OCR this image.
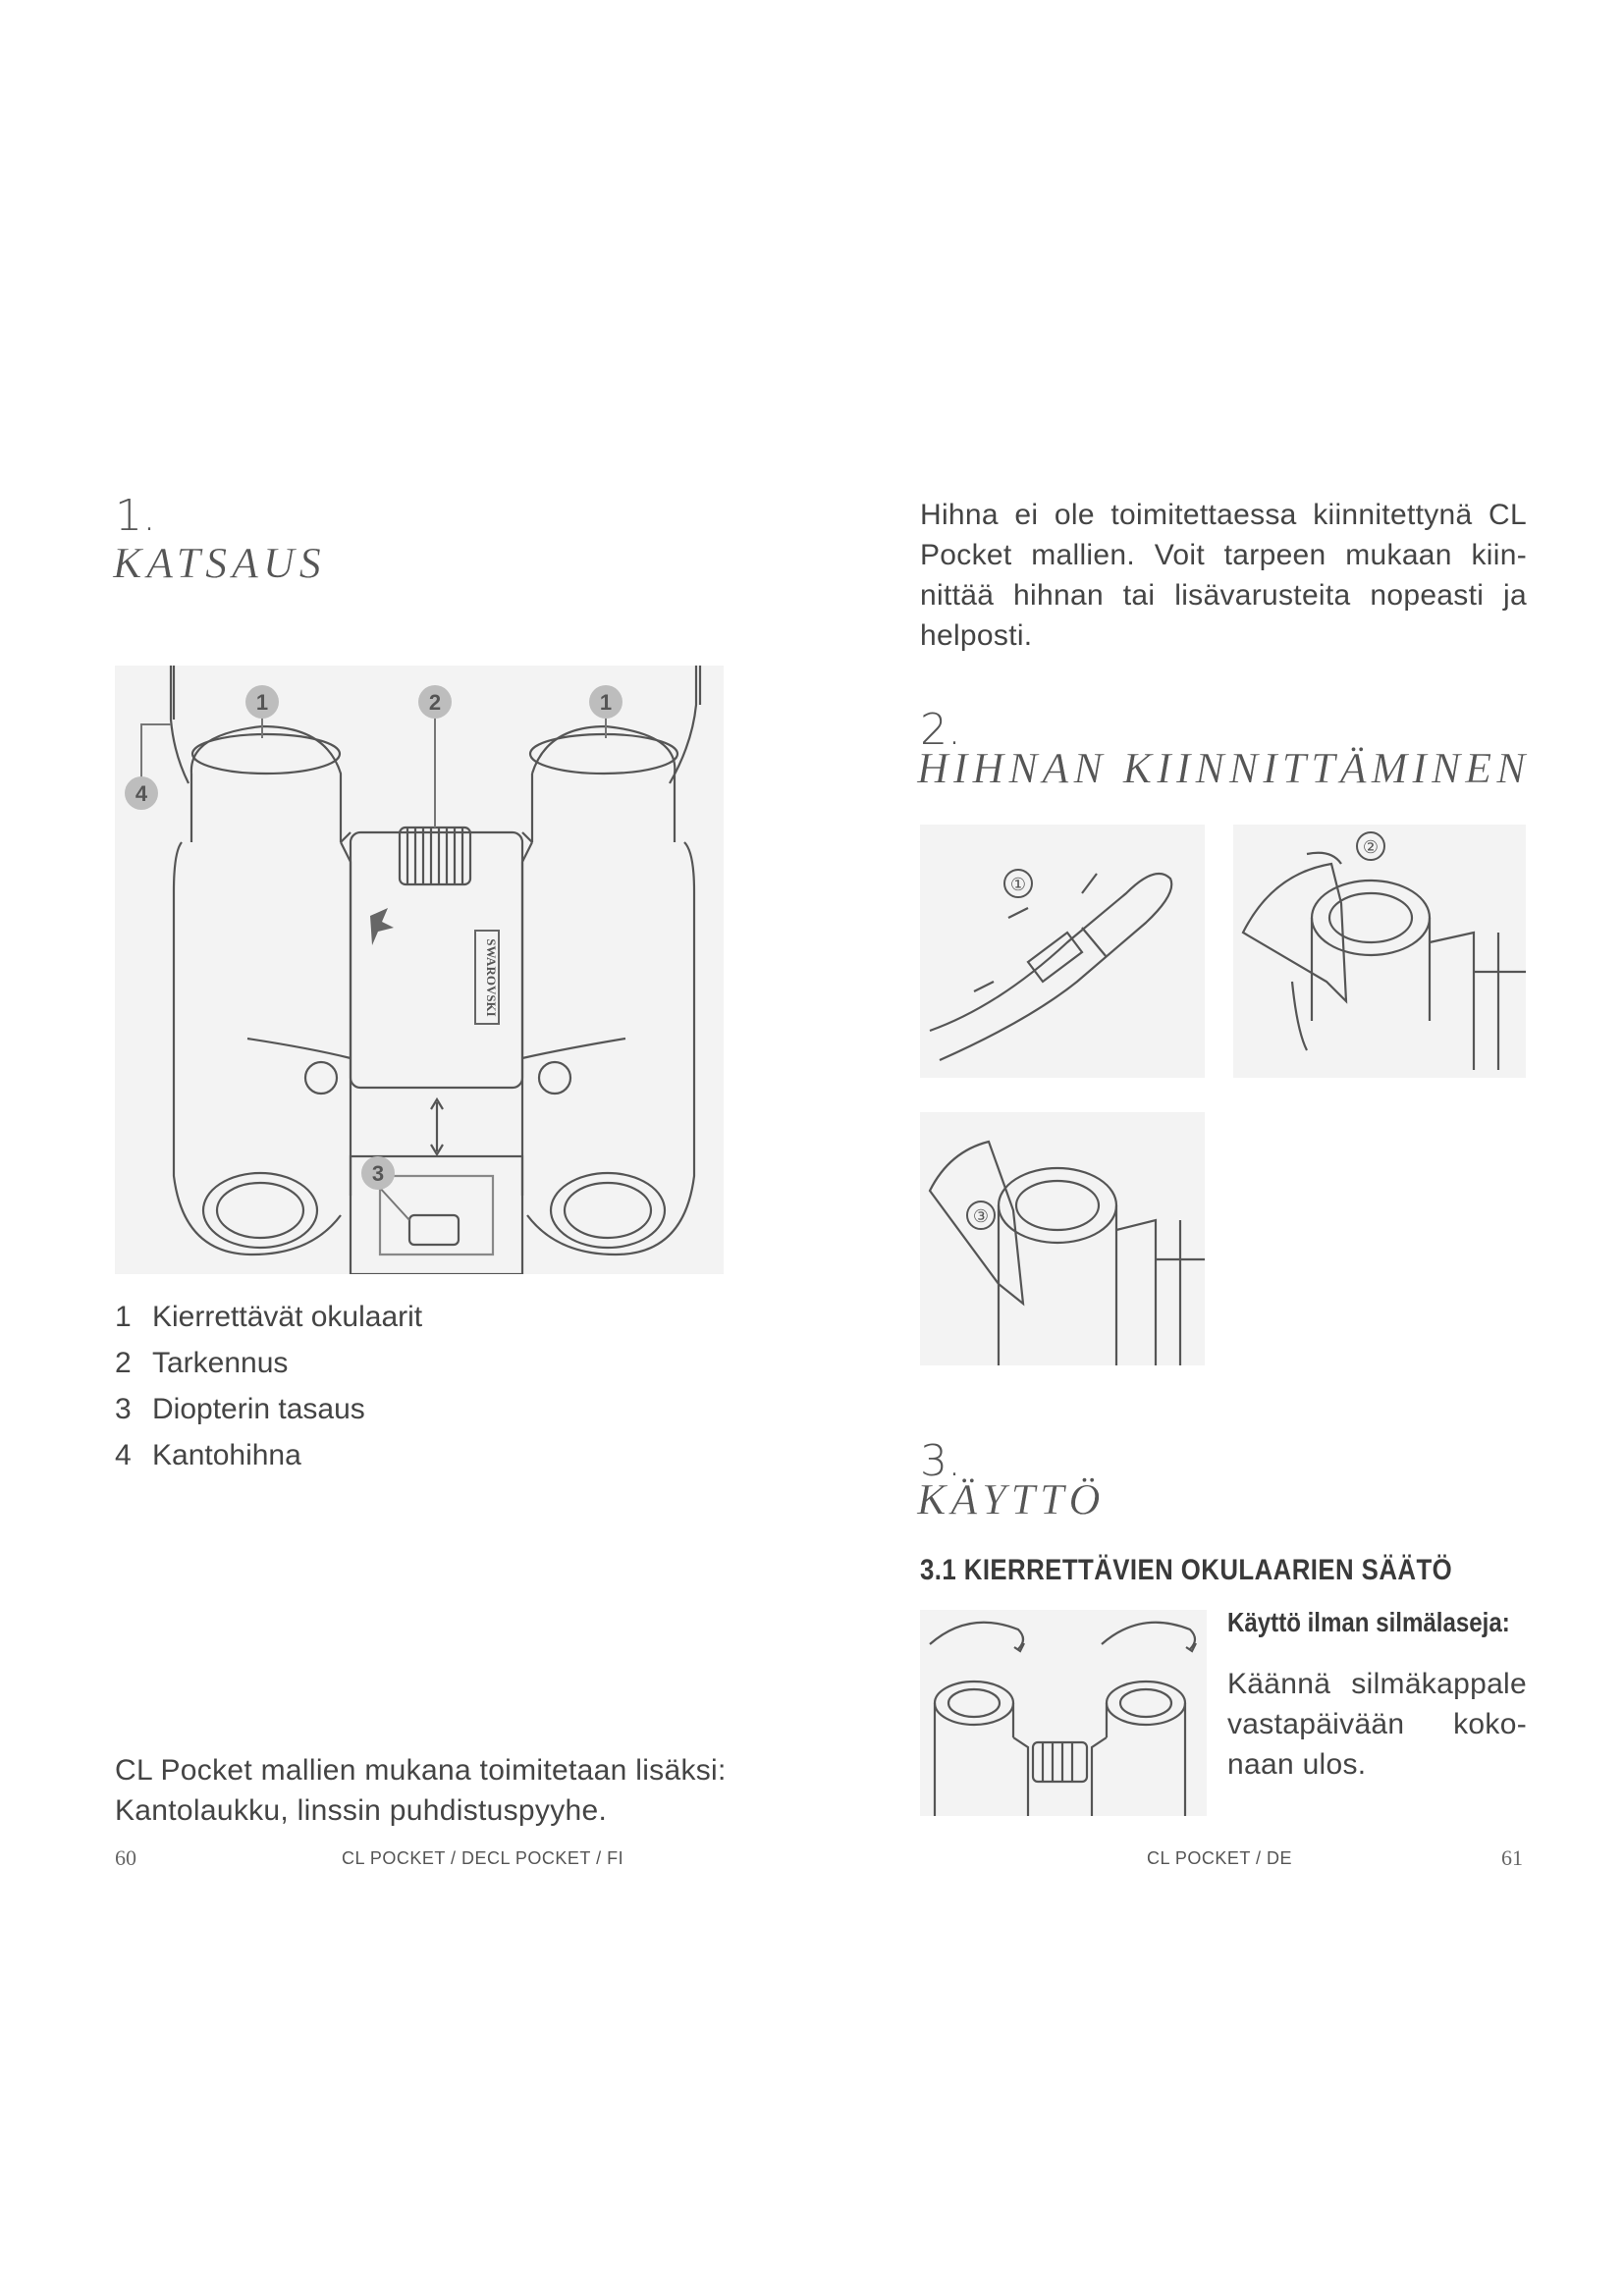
1.
KATSAUS
1	2	1
4
3
SWAROVSKI
1 Kierrettävät okulaarit
2 Tarkennus
3 Diopterin tasaus
4 Kantohihna
CL Pocket mallien mukana toimitetaan lisäksi: Kantolaukku, linssin puhdistuspyyhe.
60	CL POCKET / DECL POCKET / FI
Hihna ei ole toimitettaessa kiinnitettynä CL Pocket mallien. Voit tarpeen mukaan kiin-nittää hihnan tai lisävarusteita nopeasti ja helposti.
2.
HIHNAN KIINNITTÄMINEN
①
②
③
3.
KÄYTTÖ
3.1 KIERRETTÄVIEN OKULAARIEN SÄÄTÖ
Käyttö ilman silmälaseja:
Käännä silmäkappale vastapäivään koko-naan ulos.
CL POCKET / DE	61
